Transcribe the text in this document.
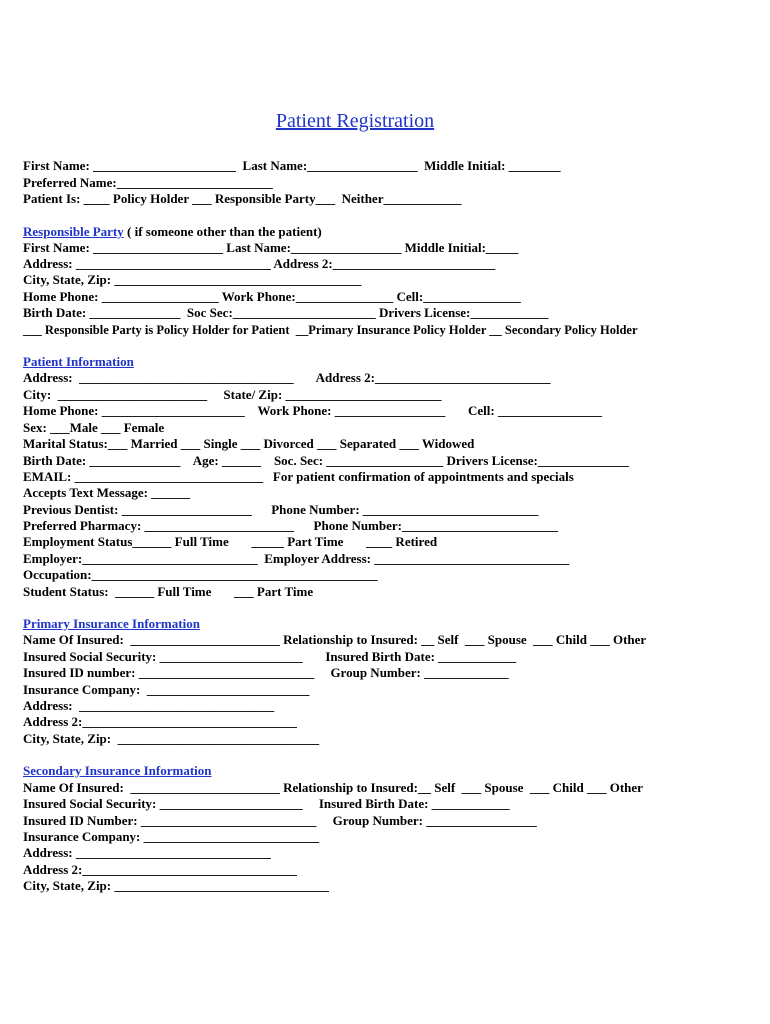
Patient Registration
First Name: ______________________  Last Name:_________________  Middle Initial: ________
Preferred Name:________________________
Patient Is: ____ Policy Holder ___ Responsible Party___  Neither____________
Responsible Party ( if someone other than the patient)
First Name: ____________________ Last Name:_________________ Middle Initial:_____
Address: ______________________________ Address 2:_________________________
City, State, Zip: ______________________________________
Home Phone: __________________ Work Phone:_______________ Cell:_______________
Birth Date: ______________  Soc Sec:______________________ Drivers License:____________
___ Responsible Party is Policy Holder for Patient  __Primary Insurance Policy Holder __ Secondary Policy Holder
Patient Information
Address:  _________________________________       Address 2:___________________________
City:  _______________________     State/ Zip: ________________________
Home Phone: ______________________    Work Phone: _________________       Cell: ________________
Sex: ___Male ___ Female
Marital Status:___ Married ___ Single ___ Divorced ___ Separated ___ Widowed
Birth Date: ______________    Age: ______    Soc. Sec: __________________ Drivers License:______________
EMAIL: _____________________________   For patient confirmation of appointments and specials
Accepts Text Message: ______
Previous Dentist: ____________________      Phone Number: ___________________________
Preferred Pharmacy: _______________________      Phone Number:________________________
Employment Status______ Full Time       _____ Part Time       ____ Retired
Employer:___________________________  Employer Address: ______________________________
Occupation:____________________________________________
Student Status:  ______ Full Time       ___ Part Time
Primary Insurance Information
Name Of Insured:  _______________________ Relationship to Insured: __ Self  ___ Spouse  ___ Child ___ Other
Insured Social Security: ______________________       Insured Birth Date: ____________
Insured ID number: ___________________________     Group Number: _____________
Insurance Company:  _________________________
Address:  ______________________________
Address 2:_________________________________
City, State, Zip:  _______________________________
Secondary Insurance Information
Name Of Insured:  _______________________ Relationship to Insured:__ Self  ___ Spouse  ___ Child ___ Other
Insured Social Security: ______________________     Insured Birth Date: ____________
Insured ID Number: ___________________________     Group Number: _________________
Insurance Company: ___________________________
Address: ______________________________
Address 2:_________________________________
City, State, Zip: _________________________________
